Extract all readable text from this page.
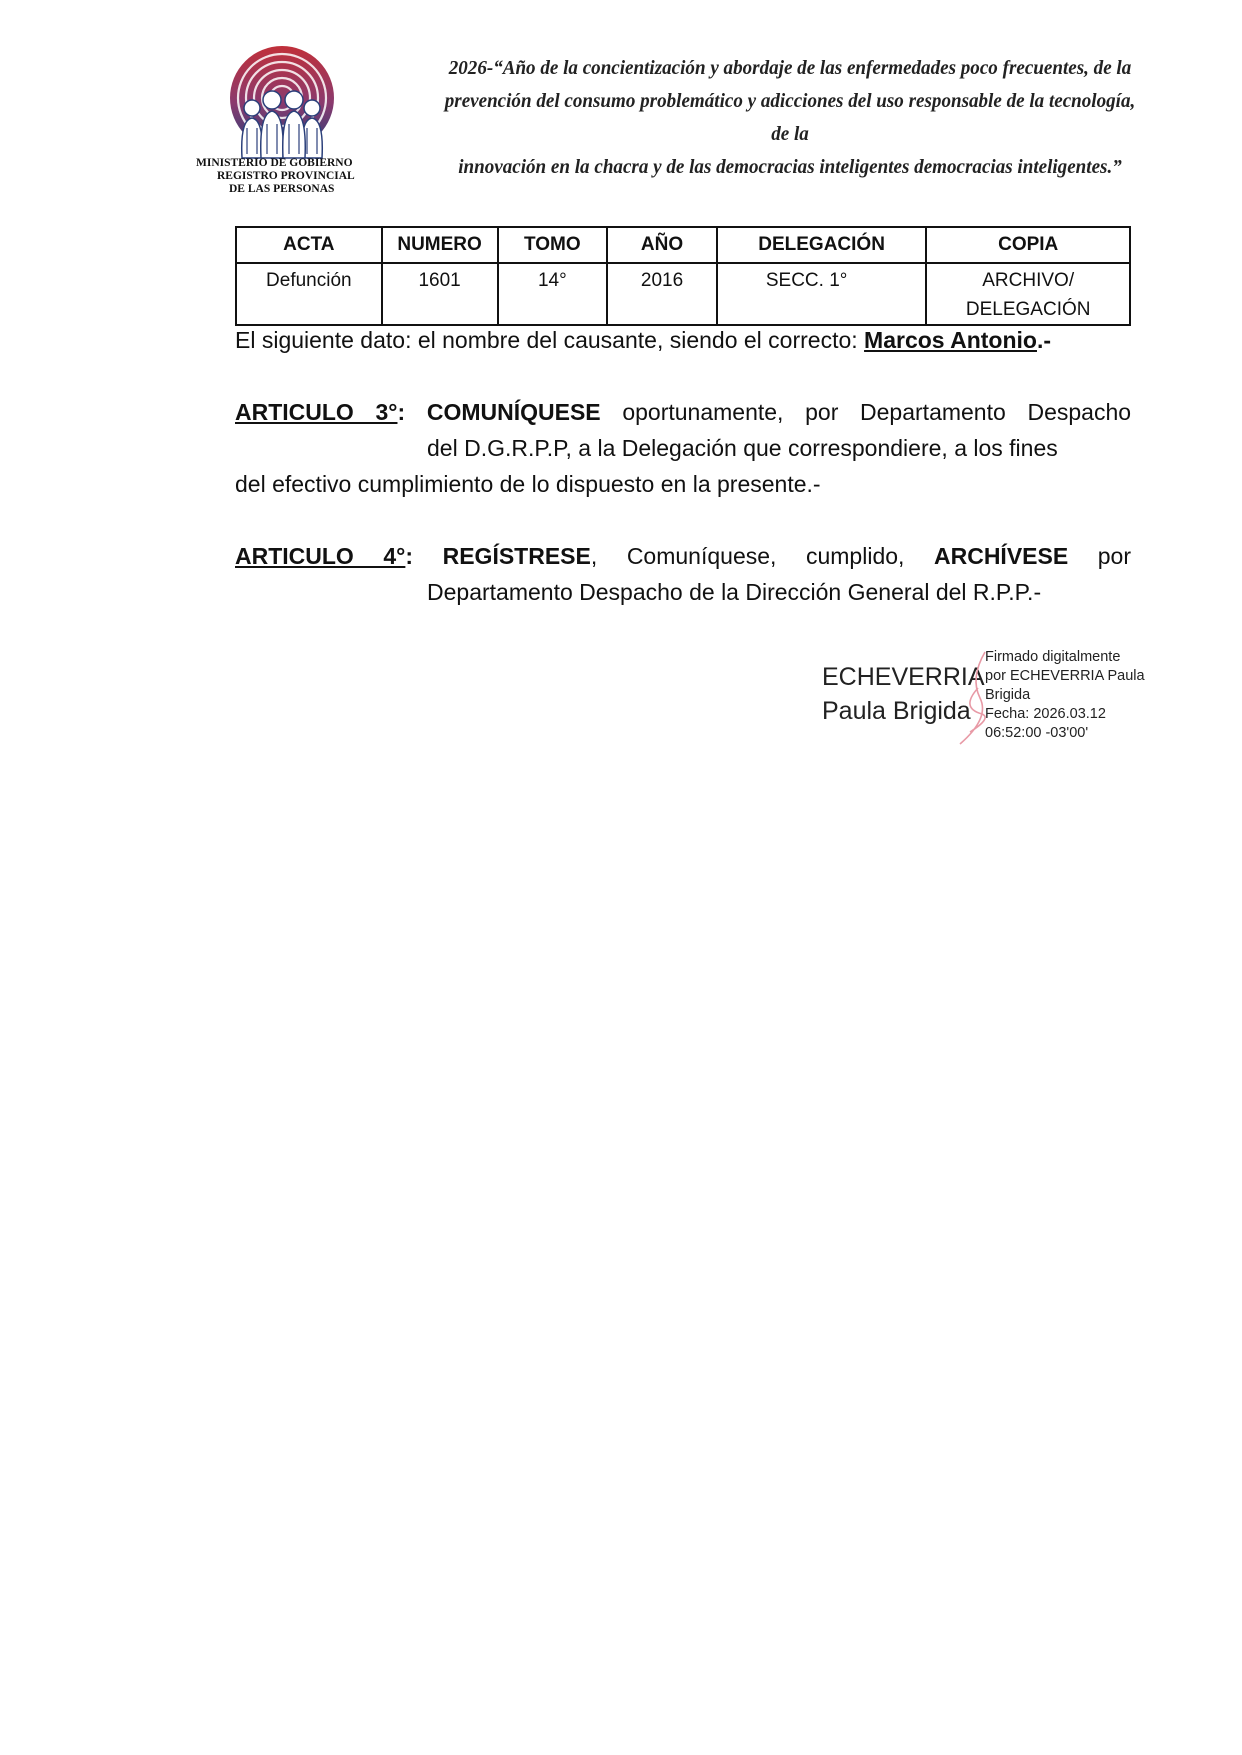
MINISTERIO DE GOBIERNO
REGISTRO PROVINCIAL
DE LAS PERSONAS
2026-“Año de la concientización y abordaje de las enfermedades poco frecuentes, de la
prevención del consumo problemático y adicciones del uso responsable de la tecnología, de la
innovación en la chacra y de las democracias inteligentes democracias inteligentes.”
ACTA	NUMERO	TOMO	AÑO	DELEGACIÓN	COPIA
Defunción	1601	14°	2016	SECC. 1°	ARCHIVO/
DELEGACIÓN
El siguiente dato: el nombre del causante, siendo el correcto: Marcos Antonio.-
ARTICULO 3°: COMUNÍQUESE oportunamente, por Departamento Despacho
del D.G.R.P.P, a la Delegación que correspondiere, a los fines
del efectivo cumplimiento de lo dispuesto en la presente.-
ARTICULO 4°: REGÍSTRESE, Comuníquese, cumplido, ARCHÍVESE por
Departamento Despacho de la Dirección General del R.P.P.-
ECHEVERRIA
Paula Brigida
Firmado digitalmente
por ECHEVERRIA Paula
Brigida
Fecha: 2026.03.12
06:52:00 -03'00'
